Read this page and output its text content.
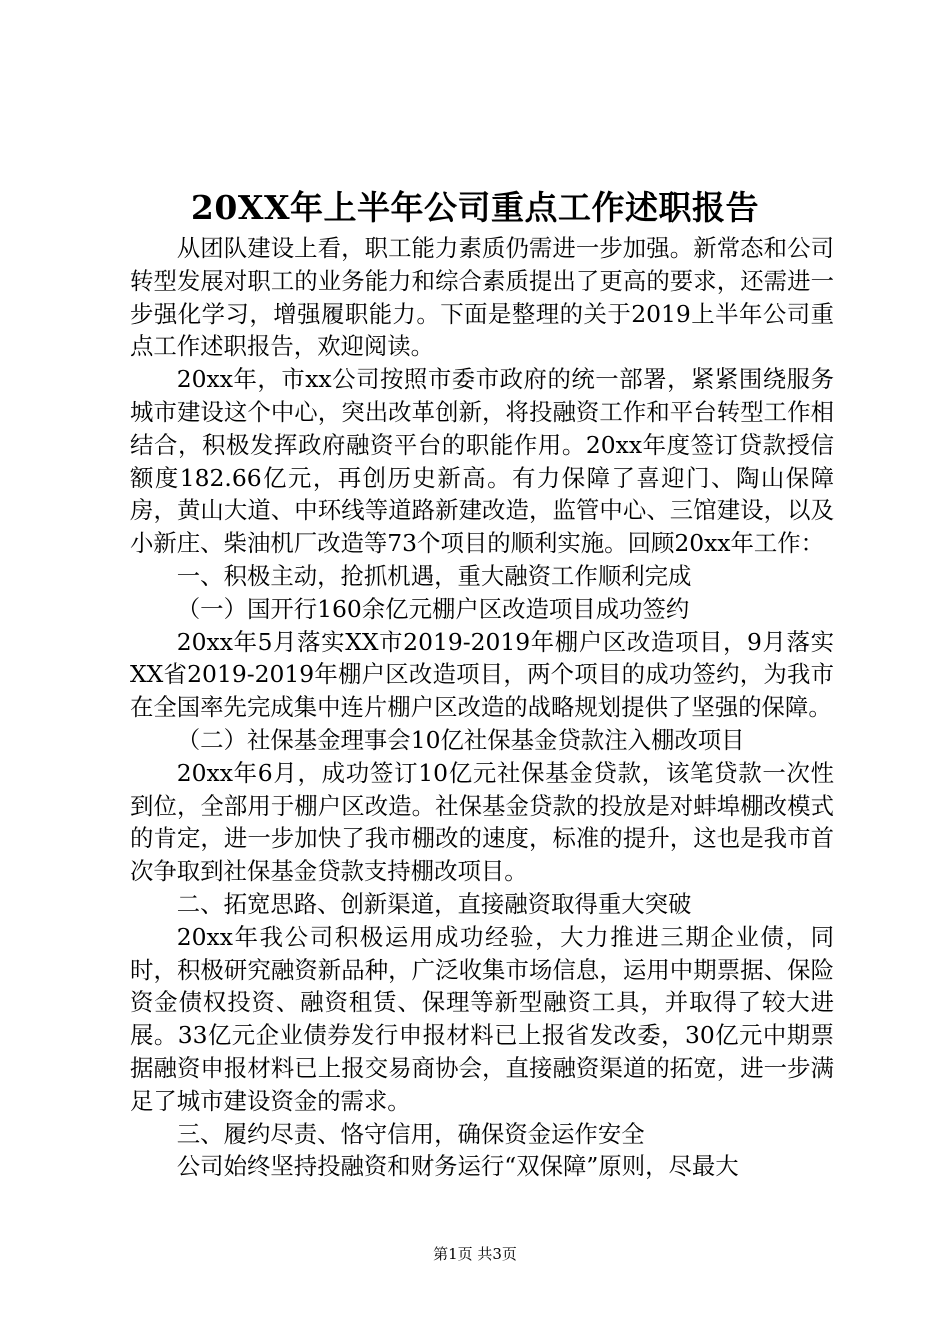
20XX年上半年公司重点工作述职报告

从团队建设上看，职工能力素质仍需进一步加强。新常态和公司转型发展对职工的业务能力和综合素质提出了更高的要求，还需进一步强化学习，增强履职能力。下面是整理的关于2019上半年公司重点工作述职报告，欢迎阅读。

20xx年，市xx公司按照市委市政府的统一部署，紧紧围绕服务城市建设这个中心，突出改革创新，将投融资工作和平台转型工作相结合，积极发挥政府融资平台的职能作用。20xx年度签订贷款授信额度182.66亿元，再创历史新高。有力保障了喜迎门、陶山保障房，黄山大道、中环线等道路新建改造，监管中心、三馆建设，以及小新庄、柴油机厂改造等73个项目的顺利实施。回顾20xx年工作：

一、积极主动，抢抓机遇，重大融资工作顺利完成

（一）国开行160余亿元棚户区改造项目成功签约

20xx年5月落实XX市2019-2019年棚户区改造项目，9月落实XX省2019-2019年棚户区改造项目，两个项目的成功签约，为我市在全国率先完成集中连片棚户区改造的战略规划提供了坚强的保障。

（二）社保基金理事会10亿社保基金贷款注入棚改项目

20xx年6月，成功签订10亿元社保基金贷款，该笔贷款一次性到位，全部用于棚户区改造。社保基金贷款的投放是对蚌埠棚改模式的肯定，进一步加快了我市棚改的速度，标准的提升，这也是我市首次争取到社保基金贷款支持棚改项目。

二、拓宽思路、创新渠道，直接融资取得重大突破

20xx年我公司积极运用成功经验，大力推进三期企业债，同时，积极研究融资新品种，广泛收集市场信息，运用中期票据、保险资金债权投资、融资租赁、保理等新型融资工具，并取得了较大进展。33亿元企业债券发行申报材料已上报省发改委，30亿元中期票据融资申报材料已上报交易商协会，直接融资渠道的拓宽，进一步满足了城市建设资金的需求。

三、履约尽责、恪守信用，确保资金运作安全

公司始终坚持投融资和财务运行“双保障”原则，尽最大

第1页 共3页
